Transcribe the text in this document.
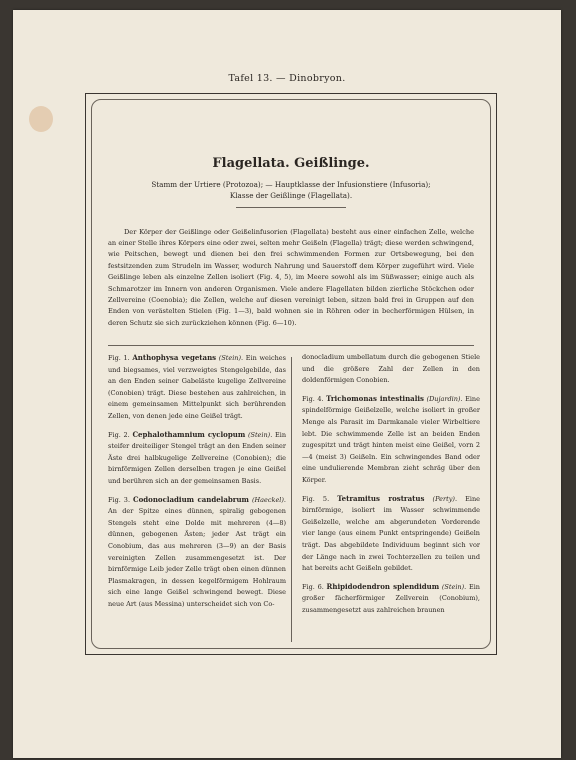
Tafel 13. — Dinobryon.
Flagellata. Geißlinge.
Stamm der Urtiere (Protozoa); — Hauptklasse der Infusionstiere (Infusoria);
Klasse der Geißlinge (Flagellata).

Der Körper der Geißlinge oder Geißelinfusorien (Flagellata) besteht aus einer einfachen Zelle, welche an einer Stelle ihres Körpers eine oder zwei, selten mehr Geißeln (Flagella) trägt; diese werden schwingend, wie Peitschen, bewegt und dienen bei den frei schwimmenden Formen zur Ortsbewegung, bei den festsitzenden zum Strudeln im Wasser, wodurch Nahrung und Sauerstoff dem Körper zugeführt wird. Viele Geißlinge leben als einzelne Zellen isoliert (Fig. 4, 5), im Meere sowohl als im Süßwasser; einige auch als Schmarotzer im Innern von anderen Organismen. Viele andere Flagellaten bilden zierliche Stöckchen oder Zellvereine (Coenobia); die Zellen, welche auf diesen vereinigt leben, sitzen bald frei in Gruppen auf den Enden von verästelten Stielen (Fig. 1—3), bald wohnen sie in Röhren oder in becherförmigen Hülsen, in deren Schutz sie sich zurückziehen können (Fig. 6—10).

Fig. 1. Anthophysa vegetans (Stein). Ein weiches und biegsames, viel verzweigtes Stengelgebilde, das an den Enden seiner Gabeläste kugelige Zellvereine (Conobien) trägt. Diese bestehen aus zahlreichen, in einem gemeinsamen Mittelpunkt sich berührenden Zellen, von denen jede eine Geißel trägt.

Fig. 2. Cephalothamnium cyclopum (Stein). Ein steifer dreiteiliger Stengel trägt an den Enden seiner Äste drei halbkugelige Zellvereine (Conobien); die birnförmigen Zellen derselben tragen je eine Geißel und berühren sich an der gemeinsamen Basis.

Fig. 3. Codonocladium candelabrum (Haeckel). An der Spitze eines dünnen, spiralig gebogenen Stengels steht eine Dolde mit mehreren (4—8) dünnen, gebogenen Ästen; jeder Ast trägt ein Conobium, das aus mehreren (3—9) an der Basis vereinigten Zellen zusammengesetzt ist. Der birnförmige Leib jeder Zelle trägt oben einen dünnen Plasmakragen, in dessen kegelförmigem Hohlraum sich eine lange Geißel schwingend bewegt. Diese neue Art (aus Messina) unterscheidet sich von Co-

donocladium umbellatum durch die gebogenen Stiele und die größere Zahl der Zellen in den doldenförmigen Conobien.

Fig. 4. Trichomonas intestinalis (Dujardin). Eine spindelförmige Geißelzelle, welche isoliert in großer Menge als Parasit im Darmkanale vieler Wirbeltiere lebt. Die schwimmende Zelle ist an beiden Enden zugespitzt und trägt hinten meist eine Geißel, vorn 2—4 (meist 3) Geißeln. Ein schwingendes Band oder eine undulierende Membran zieht schräg über den Körper.

Fig. 5. Tetramitus rostratus (Perty). Eine birnförmige, isoliert im Wasser schwimmende Geißelzelle, welche am abgerundeten Vorderende vier lange (aus einem Punkt entspringende) Geißeln trägt. Das abgebildete Individuum beginnt sich vor der Länge nach in zwei Tochterzellen zu teilen und hat bereits acht Geißeln gebildet.

Fig. 6. Rhipidodendron splendidum (Stein). Ein großer fächerförmiger Zellverein (Conobium), zusammengesetzt aus zahlreichen braunen
